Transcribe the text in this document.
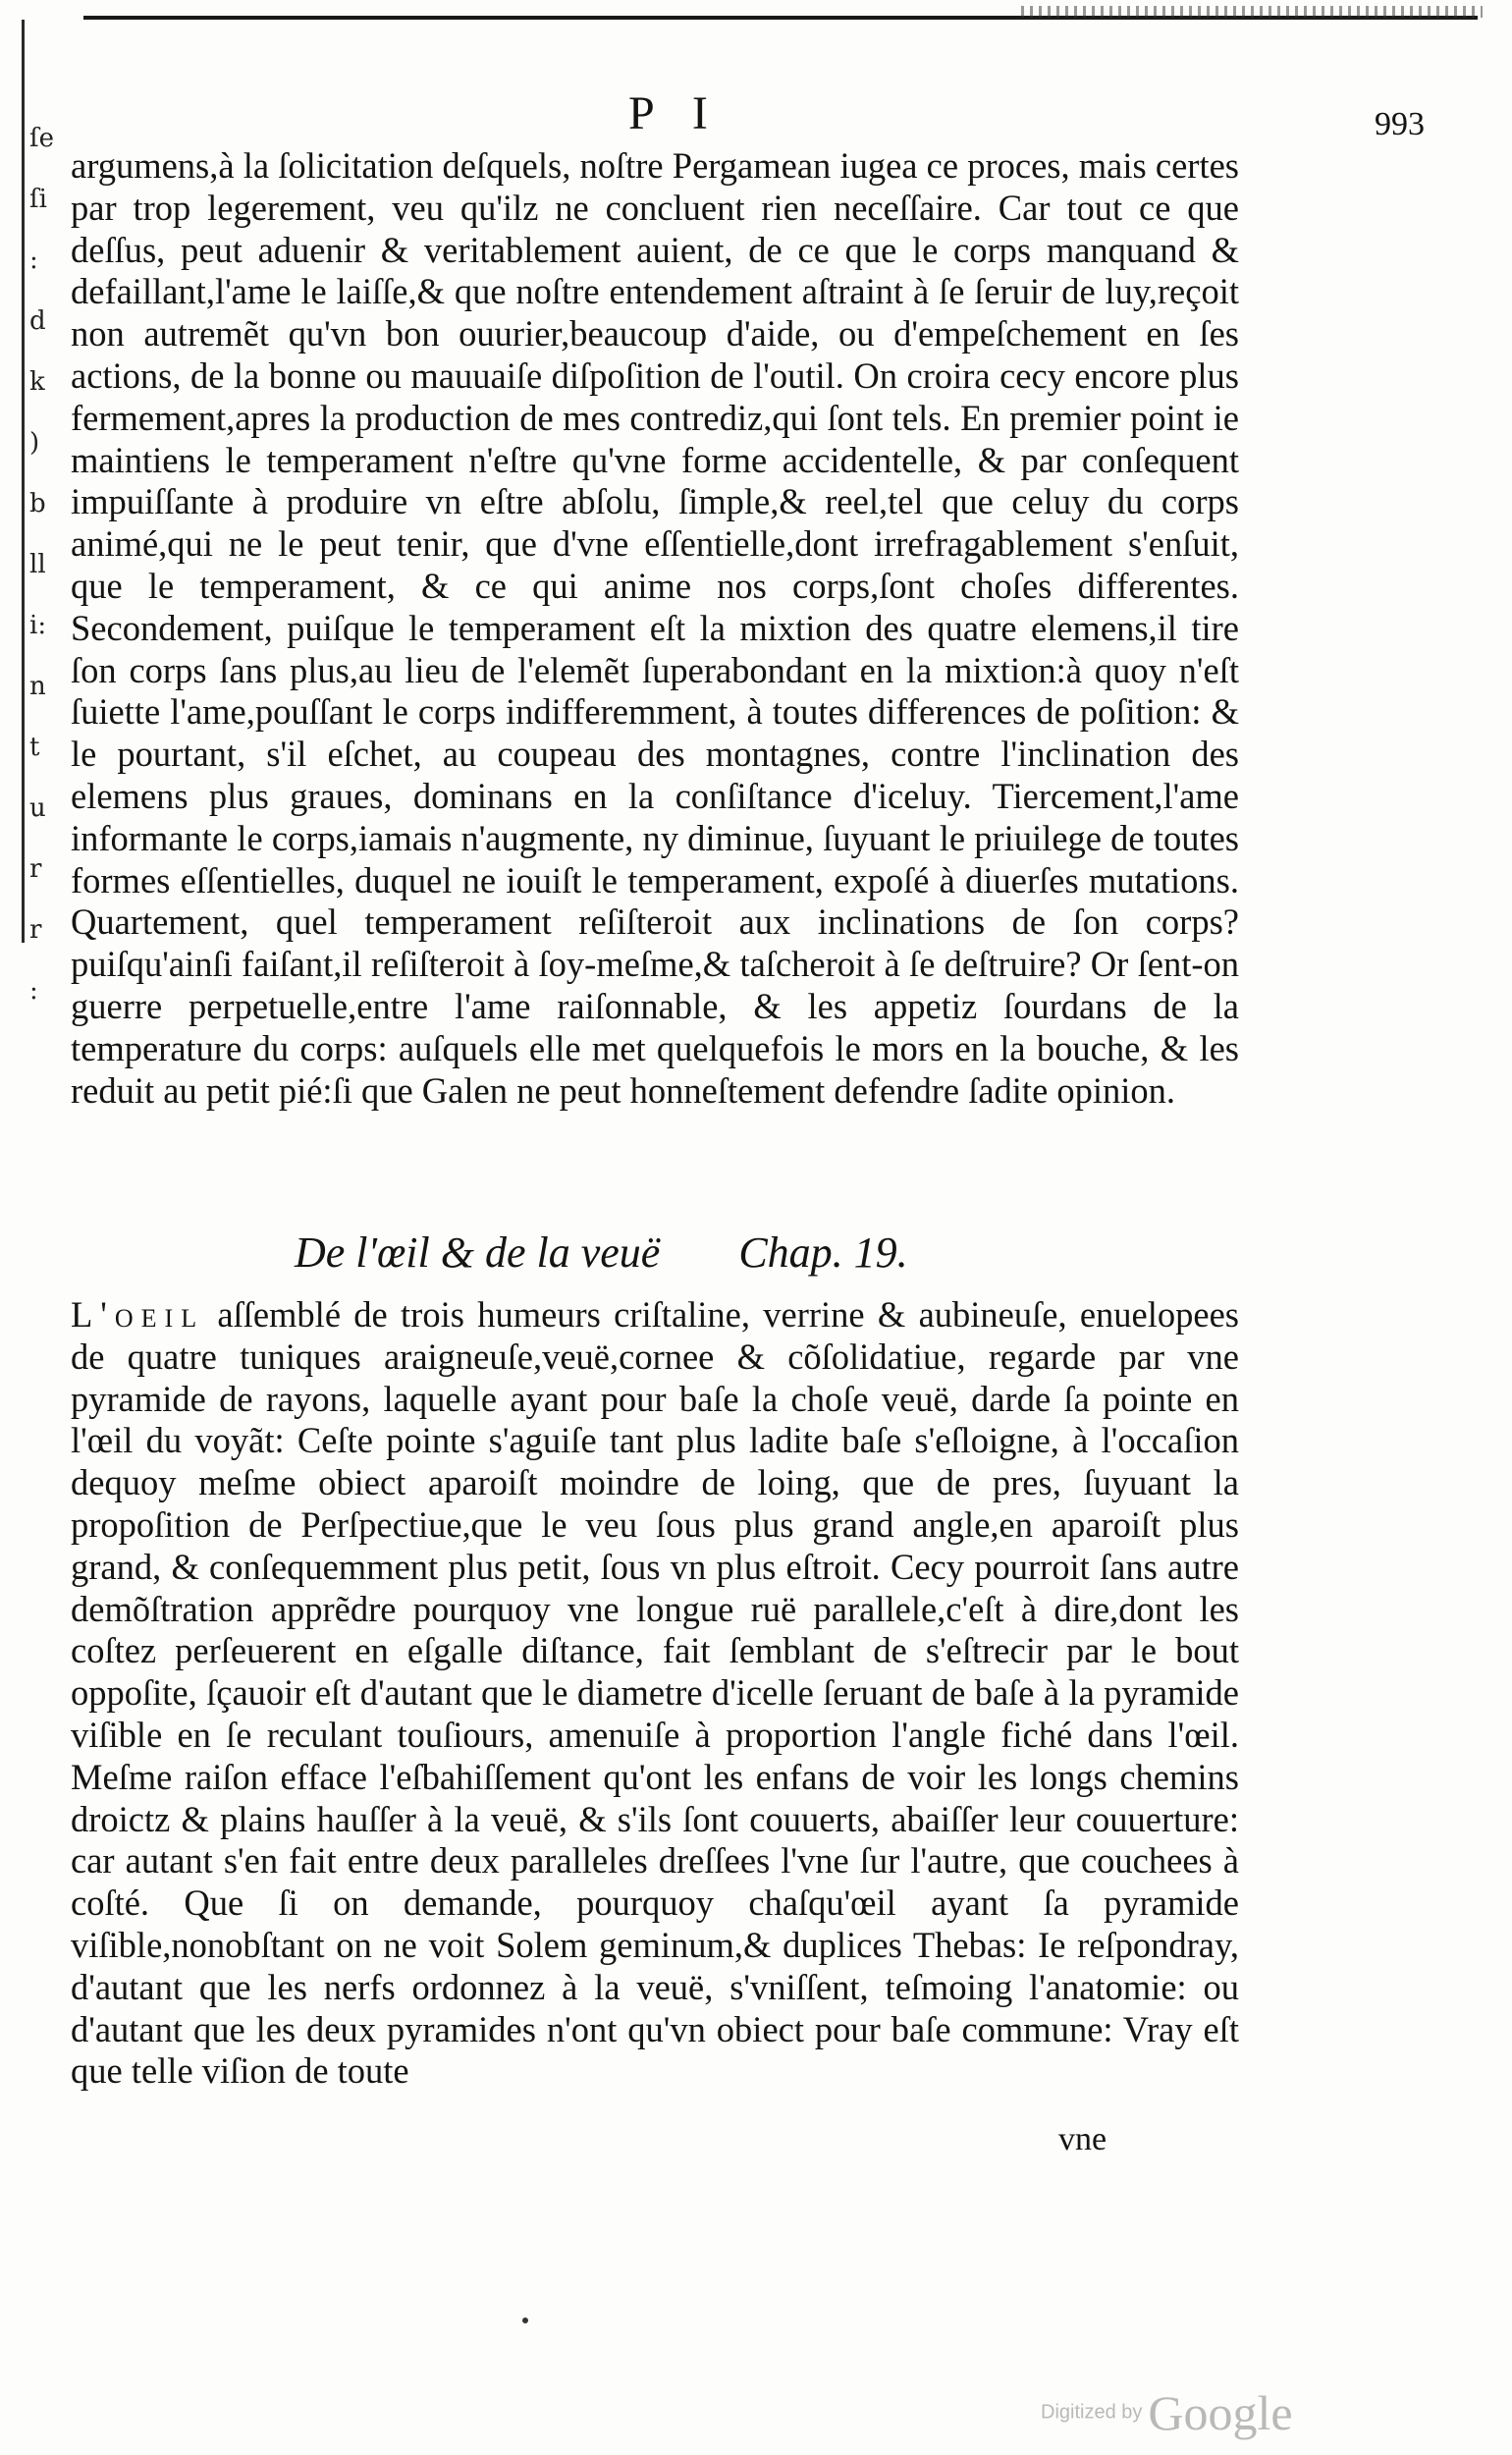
ſe
ſi
:
d
k
)
b
ll
i:
n
t
u
r
r
:
P I	993

argumens,à la ſolicitation deſquels, noſtre Pergamean iugea ce proces, mais certes par trop legerement, veu qu'ilz ne concluent rien neceſſaire. Car tout ce que deſſus, peut aduenir & veritablement auient, de ce que le corps manquand & defaillant,l'ame le laiſſe,& que noſtre entendement aſtraint à ſe ſeruir de luy,reçoit non autremẽt qu'vn bon ouurier,beaucoup d'aide, ou d'empeſchement en ſes actions, de la bonne ou mauuaiſe diſpoſition de l'outil. On croira cecy encore plus fermement,apres la production de mes contrediz,qui ſont tels. En premier point ie maintiens le temperament n'eſtre qu'vne forme accidentelle, & par conſequent impuiſſante à produire vn eſtre abſolu, ſimple,& reel,tel que celuy du corps animé,qui ne le peut tenir, que d'vne eſſentielle,dont irrefragablement s'enſuit, que le temperament, & ce qui anime nos corps,ſont choſes differentes. Secondement, puiſque le temperament eſt la mixtion des quatre elemens,il tire ſon corps ſans plus,au lieu de l'elemẽt ſuperabondant en la mixtion:à quoy n'eſt ſuiette l'ame,pouſſant le corps indifferemment, à toutes differences de poſition: & le pourtant, s'il eſchet, au coupeau des montagnes, contre l'inclination des elemens plus graues, dominans en la conſiſtance d'iceluy. Tiercement,l'ame informante le corps,iamais n'augmente, ny diminue, ſuyuant le priuilege de toutes formes eſſentielles, duquel ne iouiſt le temperament, expoſé à diuerſes mutations. Quartement, quel temperament reſiſteroit aux inclinations de ſon corps? puiſqu'ainſi faiſant,il reſiſteroit à ſoy-meſme,& taſcheroit à ſe deſtruire? Or ſent-on guerre perpetuelle,entre l'ame raiſonnable, & les appetiz ſourdans de la temperature du corps: auſquels elle met quelquefois le mors en la bouche, & les reduit au petit pié:ſi que Galen ne peut honneſtement defendre ſadite opinion.

De l'œil & de la veuë Chap. 19.

L'oeil aſſemblé de trois humeurs criſtaline, verrine & aubineuſe, enuelopees de quatre tuniques araigneuſe,veuë,cornee & cõſolidatiue, regarde par vne pyramide de rayons, laquelle ayant pour baſe la choſe veuë, darde ſa pointe en l'œil du voyãt: Ceſte pointe s'aguiſe tant plus ladite baſe s'eſloigne, à l'occaſion dequoy meſme obiect aparoiſt moindre de loing, que de pres, ſuyuant la propoſition de Perſpectiue,que le veu ſous plus grand angle,en aparoiſt plus grand, & conſequemment plus petit, ſous vn plus eſtroit. Cecy pourroit ſans autre demõſtration apprẽdre pourquoy vne longue ruë parallele,c'eſt à dire,dont les coſtez perſeuerent en eſgalle diſtance, fait ſemblant de s'eſtrecir par le bout oppoſite, ſçauoir eſt d'autant que le diametre d'icelle ſeruant de baſe à la pyramide viſible en ſe reculant touſiours, amenuiſe à proportion l'angle fiché dans l'œil. Meſme raiſon efface l'eſbahiſſement qu'ont les enfans de voir les longs chemins droictz & plains hauſſer à la veuë, & s'ils ſont couuerts, abaiſſer leur couuerture: car autant s'en fait entre deux paralleles dreſſees l'vne ſur l'autre, que couchees à coſté. Que ſi on demande, pourquoy chaſqu'œil ayant ſa pyramide viſible,nonobſtant on ne voit Solem geminum,& duplices Thebas: Ie reſpondray, d'autant que les nerfs ordonnez à la veuë, s'vniſſent, teſmoing l'anatomie: ou d'autant que les deux pyramides n'ont qu'vn obiect pour baſe commune: Vray eſt que telle viſion de toute

vne
Digitized by Google
